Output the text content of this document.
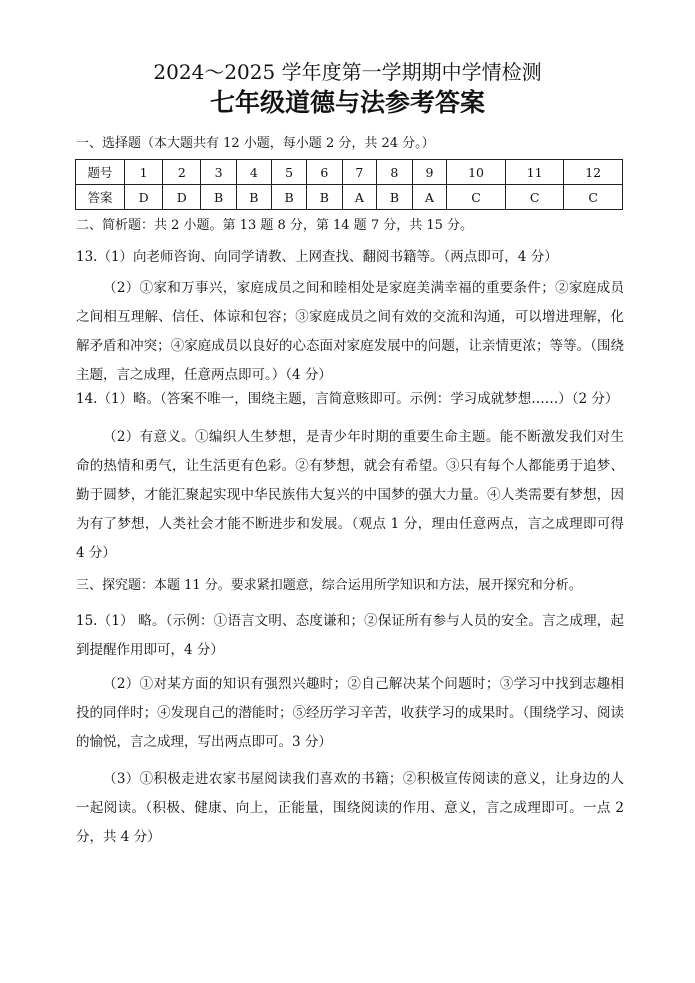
2024～2025 学年度第一学期期中学情检测
七年级道德与法参考答案
一、选择题（本大题共有 12 小题，每小题 2 分，共 24 分。）
题号	1	2	3	4	5	6	7	8	9	10	11	12
答案	D	D	B	B	B	B	A	B	A	C	C	C
二、简析题：共 2 小题。第 13 题 8 分，第 14 题 7 分，共 15 分。

13.（1）向老师咨询、向同学请教、上网查找、翻阅书籍等。（两点即可，4 分）

（2）①家和万事兴，家庭成员之间和睦相处是家庭美满幸福的重要条件；②家庭成员之间相互理解、信任、体谅和包容；③家庭成员之间有效的交流和沟通，可以增进理解，化解矛盾和冲突；④家庭成员以良好的心态面对家庭发展中的问题，让亲情更浓；等等。（围绕主题，言之成理，任意两点即可。）（4 分）

14.（1）略。（答案不唯一，围绕主题，言简意赅即可。示例：学习成就梦想……）（2 分）

（2）有意义。①编织人生梦想，是青少年时期的重要生命主题。能不断激发我们对生命的热情和勇气，让生活更有色彩。②有梦想，就会有希望。③只有每个人都能勇于追梦、勤于圆梦，才能汇聚起实现中华民族伟大复兴的中国梦的强大力量。④人类需要有梦想，因为有了梦想，人类社会才能不断进步和发展。（观点 1 分，理由任意两点，言之成理即可得 4 分）

三、探究题：本题 11 分。要求紧扣题意，综合运用所学知识和方法，展开探究和分析。

15.（1） 略。（示例：①语言文明、态度谦和；②保证所有参与人员的安全。言之成理，起到提醒作用即可，4 分）

（2）①对某方面的知识有强烈兴趣时；②自己解决某个问题时；③学习中找到志趣相投的同伴时；④发现自己的潜能时；⑤经历学习辛苦，收获学习的成果时。（围绕学习、阅读的愉悦，言之成理，写出两点即可。3 分）

（3）①积极走进农家书屋阅读我们喜欢的书籍；②积极宣传阅读的意义，让身边的人一起阅读。（积极、健康、向上，正能量，围绕阅读的作用、意义，言之成理即可。一点 2 分，共 4 分）
